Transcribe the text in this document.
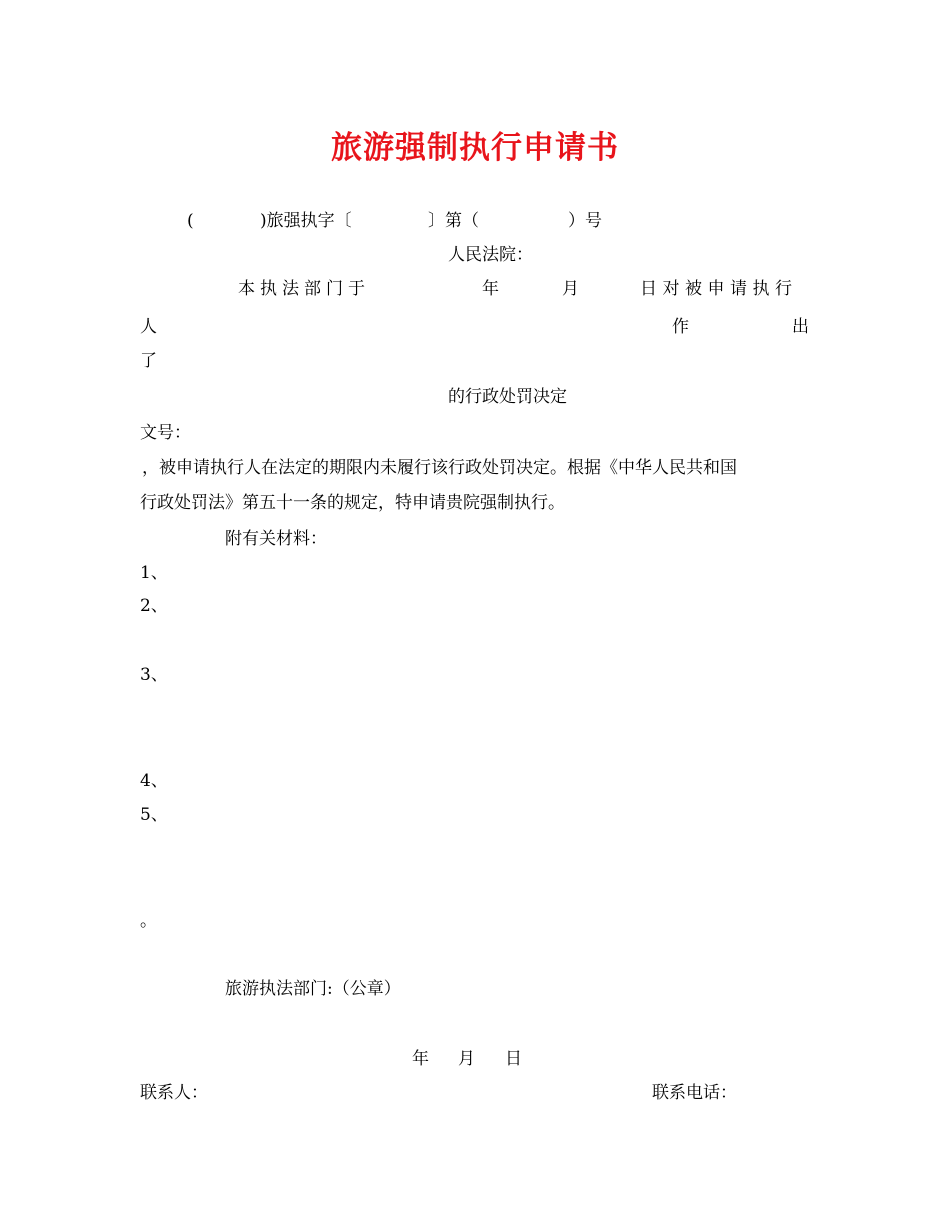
旅游强制执行申请书
(	)旅强执字〔	〕第（	）号
人民法院：
本执法部门于	年	月	日对被申请执行
人	作	出
了
的行政处罚决定
文号：
，被申请执行人在法定的期限内未履行该行政处罚决定。根据《中华人民共和国
行政处罚法》第五十一条的规定，特申请贵院强制执行。
附有关材料：
1、
2、
3、
4、
5、
。
旅游执法部门:（公章）
年 月 日
联系人：	联系电话：
